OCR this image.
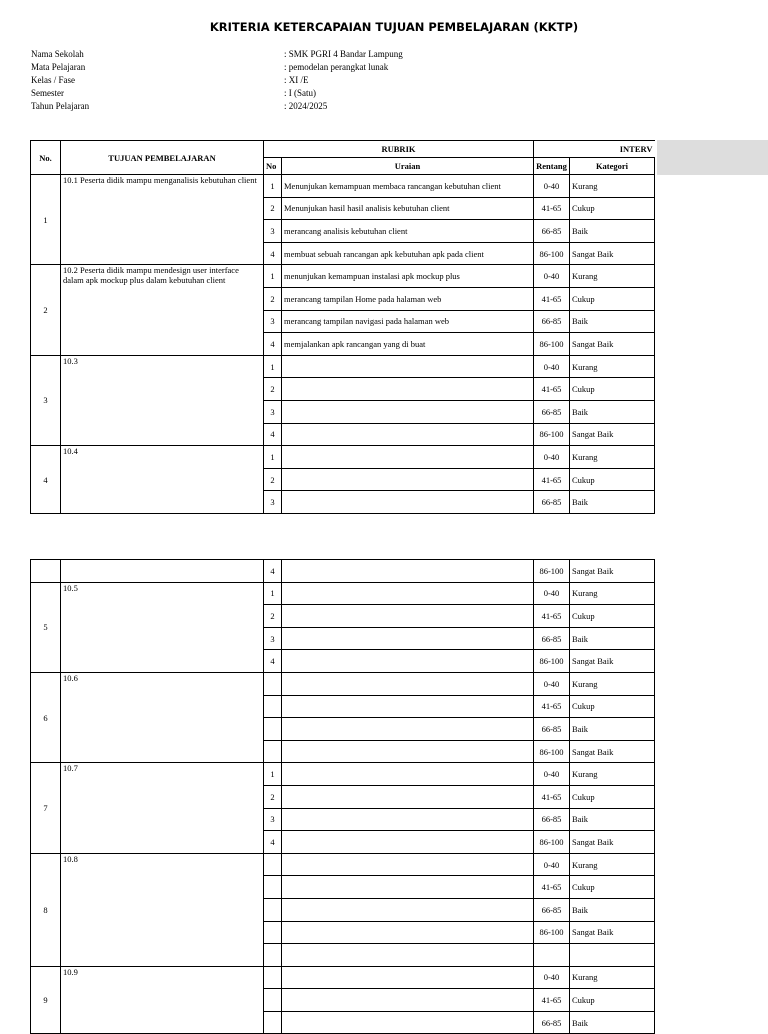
KRITERIA KETERCAPAIAN TUJUAN PEMBELAJARAN (KKTP)
Nama Sekolah	: SMK PGRI 4 Bandar Lampung
Mata Pelajaran	: pemodelan perangkat lunak
Kelas / Fase	: XI /E
Semester	: I (Satu)
Tahun Pelajaran	: 2024/2025
No.	TUJUAN PEMBELAJARAN	RUBRIK		INTERV	
		No	Uraian	Rentang	Kategori
1	10.1 Peserta didik mampu menganalisis kebutuhan client	1	Menunjukan kemampuan membaca rancangan kebutuhan client	0-40	Kurang
		2	Menunjukan hasil hasil analisis kebutuhan client	41-65	Cukup
		3	merancang analisis kebutuhan client	66-85	Baik
		4	membuat sebuah rancangan apk kebutuhan apk pada client	86-100	Sangat Baik
2	10.2 Peserta didik mampu mendesign user interface dalam apk mockup plus dalam kebutuhan client	1	menunjukan kemampuan instalasi apk mockup plus	0-40	Kurang
		2	merancang tampilan Home pada halaman web	41-65	Cukup
		3	merancang tampilan navigasi pada halaman web	66-85	Baik
		4	memjalankan apk rancangan yang di buat	86-100	Sangat Baik
3	10.3	1		0-40	Kurang
		2		41-65	Cukup
		3		66-85	Baik
		4		86-100	Sangat Baik
4	10.4	1		0-40	Kurang
		2		41-65	Cukup
		3		66-85	Baik
		4		86-100	Sangat Baik
5	10.5	1		0-40	Kurang
		2		41-65	Cukup
		3		66-85	Baik
		4		86-100	Sangat Baik
6	10.6			0-40	Kurang
				41-65	Cukup
				66-85	Baik
				86-100	Sangat Baik
7	10.7	1		0-40	Kurang
		2		41-65	Cukup
		3		66-85	Baik
		4		86-100	Sangat Baik
8	10.8			0-40	Kurang
				41-65	Cukup
				66-85	Baik
				86-100	Sangat Baik

9	10.9			0-40	Kurang
				41-65	Cukup
				66-85	Baik
